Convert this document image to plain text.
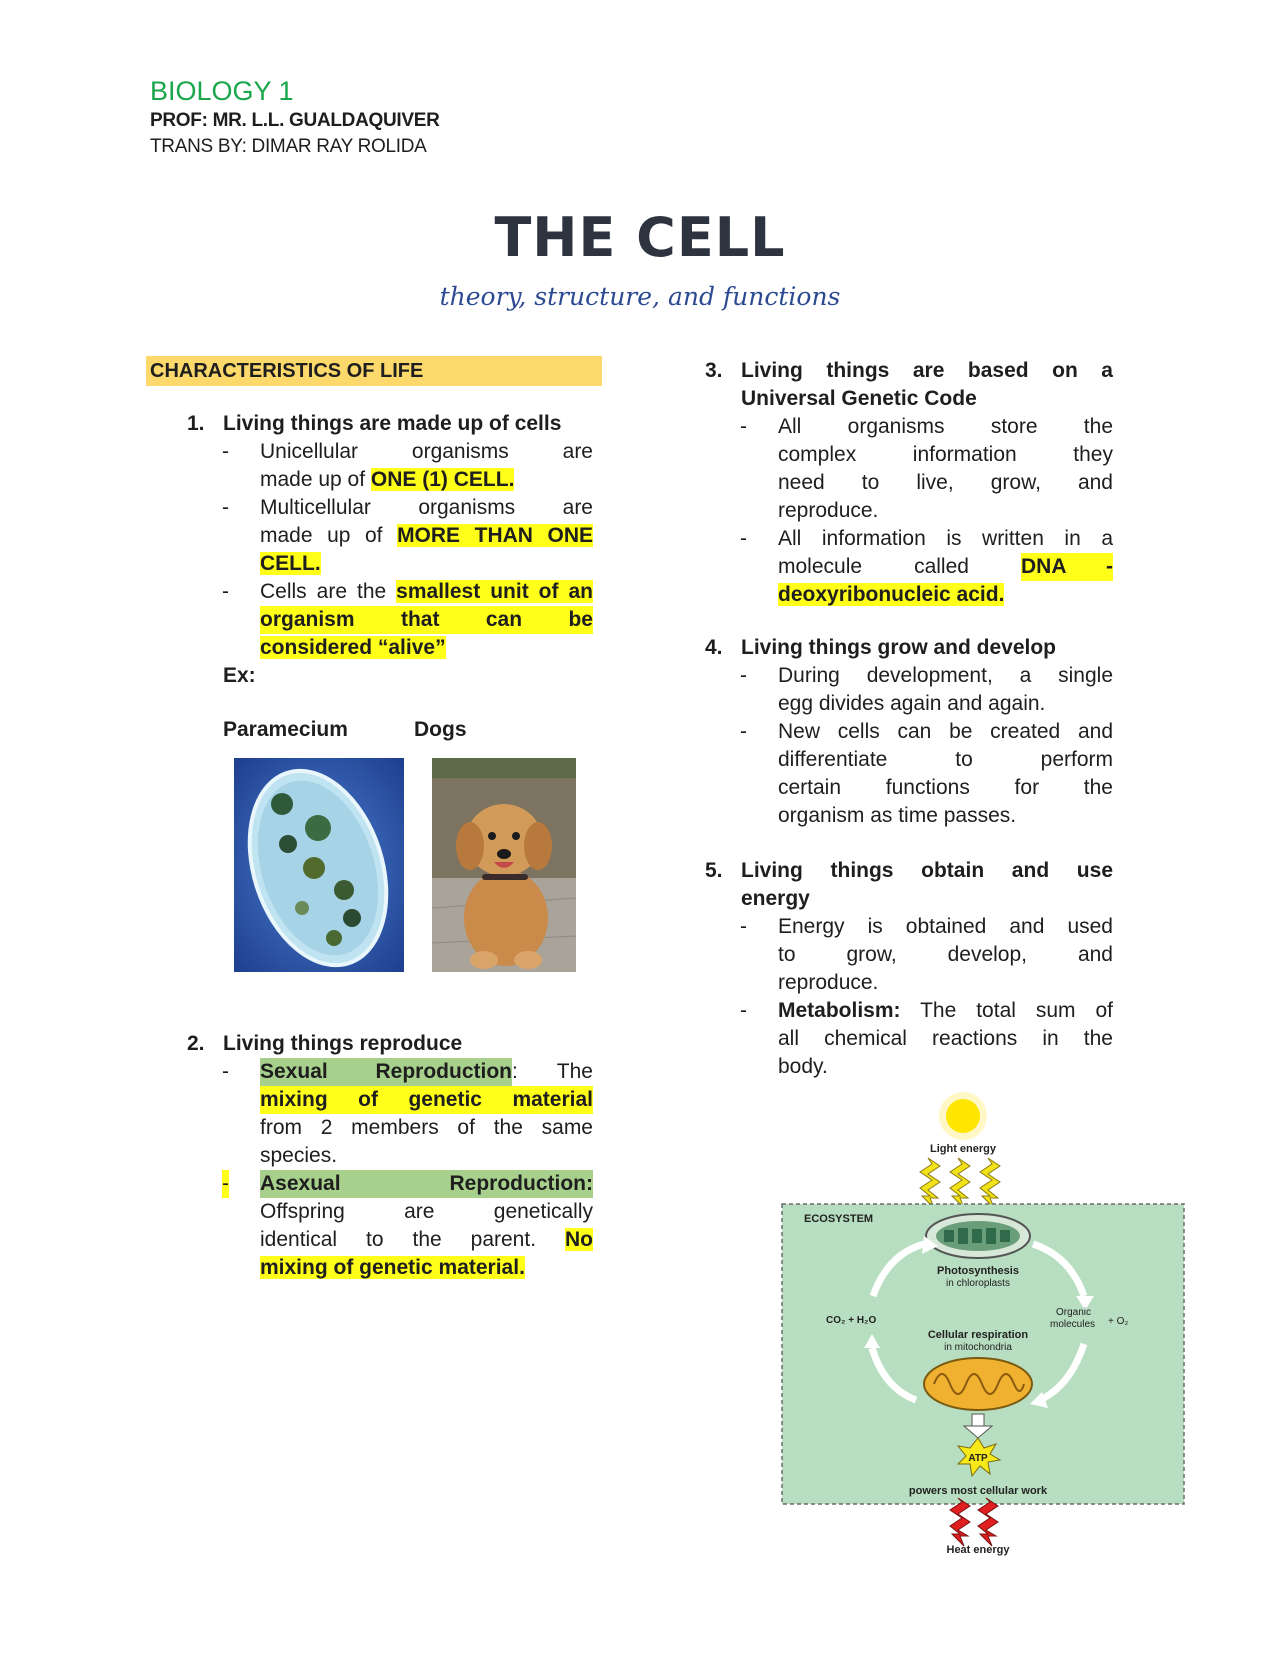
BIOLOGY 1
PROF: MR. L.L. GUALDAQUIVER
TRANS BY: DIMAR RAY ROLIDA
THE CELL
theory, structure, and functions
CHARACTERISTICS OF LIFE
1. Living things are made up of cells
- Unicellular organisms are
made up of ONE (1) CELL.
- Multicellular organisms are
made up of MORE THAN ONE
CELL.
- Cells are the smallest unit of an
organism that can be
considered “alive”
Ex:
Paramecium	Dogs
2. Living things reproduce
- Sexual Reproduction: The
mixing of genetic material
from 2 members of the same
species.
- Asexual Reproduction:
Offspring are genetically
identical to the parent. No
mixing of genetic material.
3. Living things are based on a
Universal Genetic Code
- All organisms store the
complex information they
need to live, grow, and
reproduce.
- All information is written in a
molecule called DNA -
deoxyribonucleic acid.
4. Living things grow and develop
- During development, a single
egg divides again and again.
- New cells can be created and
differentiate to perform
certain functions for the
organism as time passes.
5. Living things obtain and use
energy
- Energy is obtained and used
to grow, develop, and
reproduce.
- Metabolism: The total sum of
all chemical reactions in the
body.
Light energy
ECOSYSTEM
Photosynthesis
in chloroplasts
CO₂ + H₂O
Organic
molecules + O₂
Cellular respiration
in mitochondria
ATP
powers most cellular work
Heat energy
